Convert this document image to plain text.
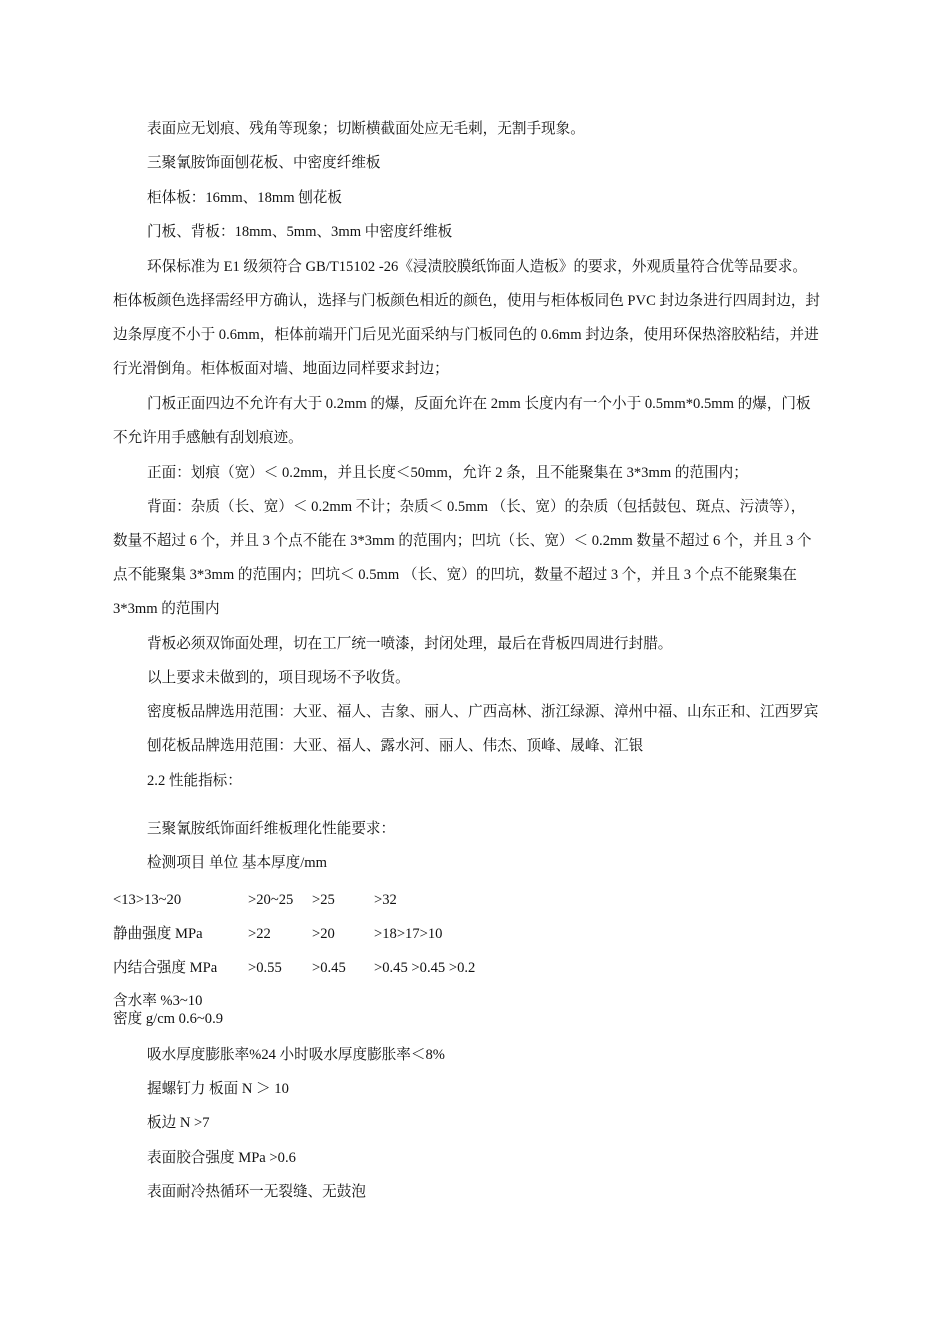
表面应无划痕、残角等现象；切断横截面处应无毛刺，无割手现象。
三聚氰胺饰面刨花板、中密度纤维板
柜体板：16mm、18mm 刨花板
门板、背板：18mm、5mm、3mm 中密度纤维板
环保标准为 E1 级须符合 GB/T15102 -26《浸渍胶膜纸饰面人造板》的要求，外观质量符合优等品要求。
柜体板颜色选择需经甲方确认，选择与门板颜色相近的颜色，使用与柜体板同色 PVC 封边条进行四周封边，封
边条厚度不小于 0.6mm，柜体前端开门后见光面采纳与门板同色的 0.6mm 封边条，使用环保热溶胶粘结，并进
行光滑倒角。柜体板面对墙、地面边同样要求封边；
门板正面四边不允许有大于 0.2mm 的爆，反面允许在 2mm 长度内有一个小于 0.5mm*0.5mm 的爆，门板
不允许用手感触有刮划痕迹。
正面：划痕（宽）＜ 0.2mm，并且长度＜50mm，允许 2 条，且不能聚集在 3*3mm 的范围内；
背面：杂质（长、宽）＜ 0.2mm 不计；杂质＜ 0.5mm （长、宽）的杂质（包括鼓包、斑点、污渍等），
数量不超过 6 个，并且 3 个点不能在 3*3mm 的范围内；凹坑（长、宽）＜ 0.2mm 数量不超过 6 个，并且 3 个
点不能聚集 3*3mm 的范围内；凹坑＜ 0.5mm （长、宽）的凹坑，数量不超过 3 个，并且 3 个点不能聚集在
3*3mm 的范围内
背板必须双饰面处理，切在工厂统一喷漆，封闭处理，最后在背板四周进行封腊。
以上要求未做到的，项目现场不予收货。
密度板品牌选用范围：大亚、福人、吉象、丽人、广西高林、浙江绿源、漳州中福、山东正和、江西罗宾
刨花板品牌选用范围：大亚、福人、露水河、丽人、伟杰、顶峰、晟峰、汇银
2.2 性能指标：
三聚氰胺纸饰面纤维板理化性能要求：
检测项目 单位 基本厚度/mm
<13>13~20	>20~25 >25	>32
静曲强度 MPa	>22	>20	>18>17>10
内结合强度 MPa >0.55 >0.45 >0.45 >0.45 >0.2
含水率 %3~10
密度 g/cm 0.6~0.9
吸水厚度膨胀率%24 小时吸水厚度膨胀率＜8%
握螺钉力 板面 N ＞ 10
板边 N >7
表面胶合强度 MPa >0.6
表面耐冷热循环一无裂缝、无鼓泡
